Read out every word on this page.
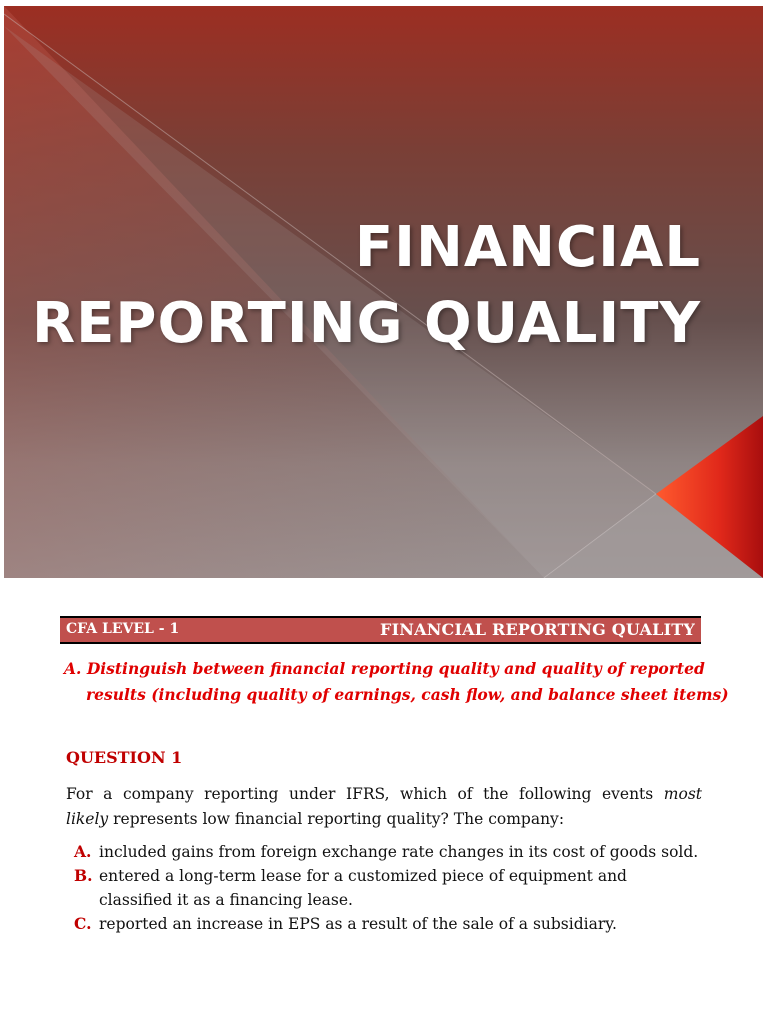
FINANCIAL
REPORTING QUALITY
CFA LEVEL - 1	FINANCIAL REPORTING QUALITY
A. Distinguish between financial reporting quality and quality of reported
results (including quality of earnings, cash flow, and balance sheet items)
QUESTION 1
For a company reporting under IFRS, which of the following events most
likely represents low financial reporting quality? The company:
A. included gains from foreign exchange rate changes in its cost of goods sold.
B. entered a long-term lease for a customized piece of equipment and classified it as a financing lease.
C. reported an increase in EPS as a result of the sale of a subsidiary.
